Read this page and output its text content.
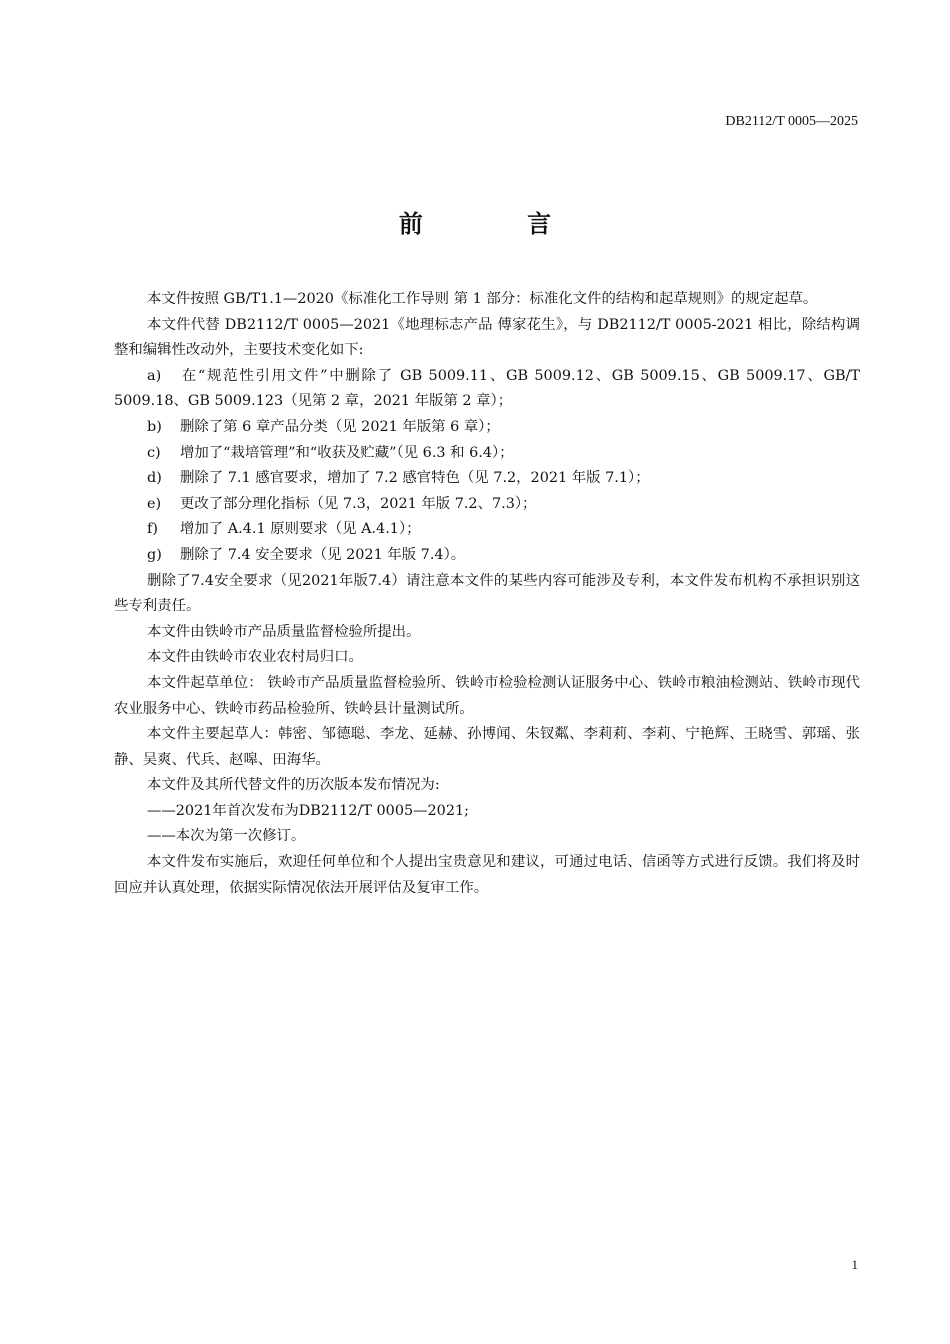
DB2112/T 0005—2025
前 言

本文件按照 GB/T1.1—2020《标准化工作导则 第 1 部分：标准化文件的结构和起草规则》的规定起草。

本文件代替 DB2112/T 0005—2021《地理标志产品 傅家花生》，与 DB2112/T 0005-2021 相比，除结构调整和编辑性改动外，主要技术变化如下:

a) 在“规范性引用文件”中删除了 GB 5009.11、GB 5009.12、GB 5009.15、GB 5009.17、GB/T 5009.18、GB 5009.123（见第 2 章，2021 年版第 2 章）；
b) 删除了第 6 章产品分类（见 2021 年版第 6 章）；
c) 增加了“栽培管理”和“收获及贮藏”（见 6.3 和 6.4）；
d) 删除了 7.1 感官要求，增加了 7.2 感官特色（见 7.2，2021 年版 7.1）；
e) 更改了部分理化指标（见 7.3，2021 年版 7.2、7.3）；
f) 增加了 A.4.1 原则要求（见 A.4.1）；
g) 删除了 7.4 安全要求（见 2021 年版 7.4）。

删除了7.4安全要求（见2021年版7.4）请注意本文件的某些内容可能涉及专利，本文件发布机构不承担识别这些专利责任。

本文件由铁岭市产品质量监督检验所提出。

本文件由铁岭市农业农村局归口。

本文件起草单位： 铁岭市产品质量监督检验所、铁岭市检验检测认证服务中心、铁岭市粮油检测站、铁岭市现代农业服务中心、铁岭市药品检验所、铁岭县计量测试所。

本文件主要起草人：韩密、邹德聪、李龙、延赫、孙博闻、朱钗粼、李莉莉、李莉、宁艳辉、王晓雪、郭瑶、张静、吴爽、代兵、赵嗥、田海华。

本文件及其所代替文件的历次版本发布情况为:

——2021年首次发布为DB2112/T 0005—2021;

——本次为第一次修订。

本文件发布实施后，欢迎任何单位和个人提出宝贵意见和建议，可通过电话、信函等方式进行反馈。我们将及时回应并认真处理，依据实际情况依法开展评估及复审工作。

1
